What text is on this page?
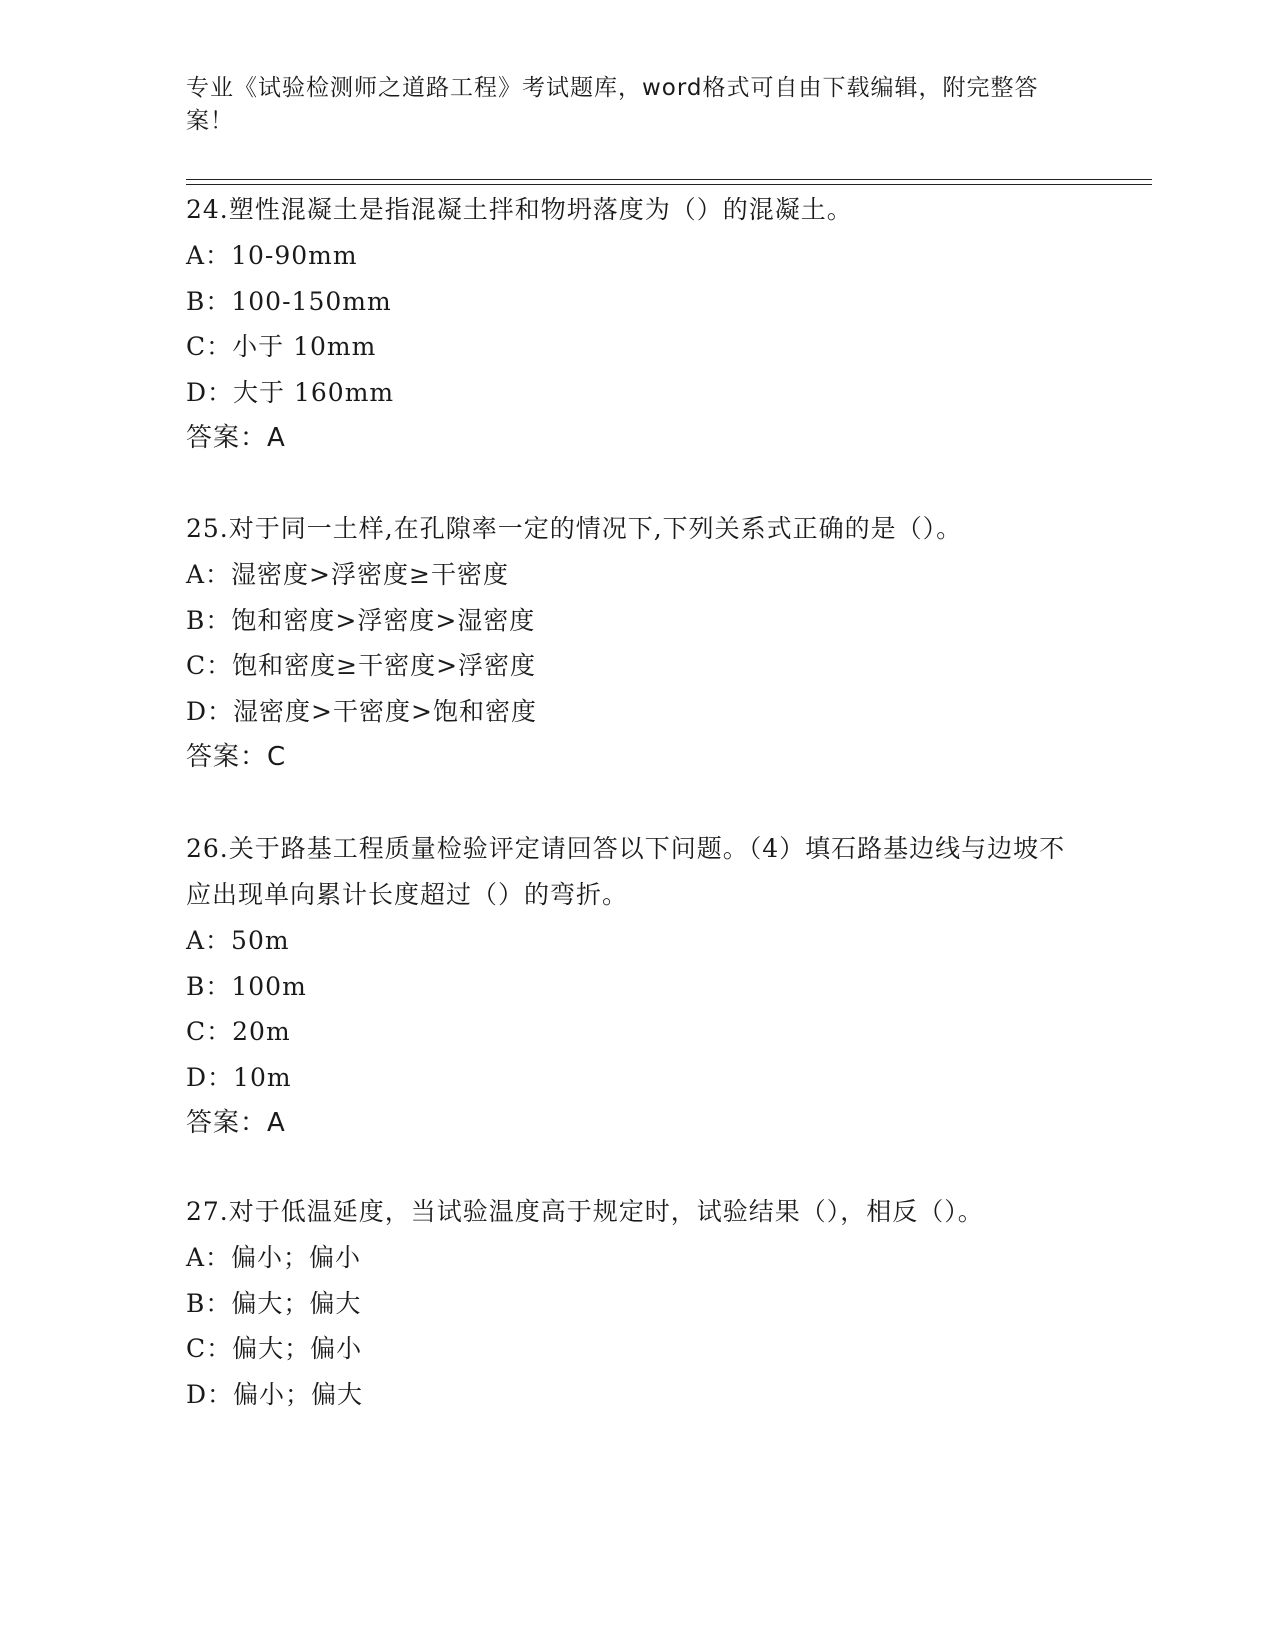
专业《试验检测师之道路工程》考试题库，word格式可自由下载编辑，附完整答案！
24.塑性混凝土是指混凝土拌和物坍落度为（）的混凝土。
A：10-90mm
B：100-150mm
C：小于 10mm
D：大于 160mm
答案：A
25.对于同一土样,在孔隙率一定的情况下,下列关系式正确的是（）。
A：湿密度>浮密度≥干密度
B：饱和密度>浮密度>湿密度
C：饱和密度≥干密度>浮密度
D：湿密度>干密度>饱和密度
答案：C
26.关于路基工程质量检验评定请回答以下问题。（4）填石路基边线与边坡不应出现单向累计长度超过（）的弯折。
A：50m
B：100m
C：20m
D：10m
答案：A
27.对于低温延度，当试验温度高于规定时，试验结果（），相反（）。
A：偏小；偏小
B：偏大；偏大
C：偏大；偏小
D：偏小；偏大
